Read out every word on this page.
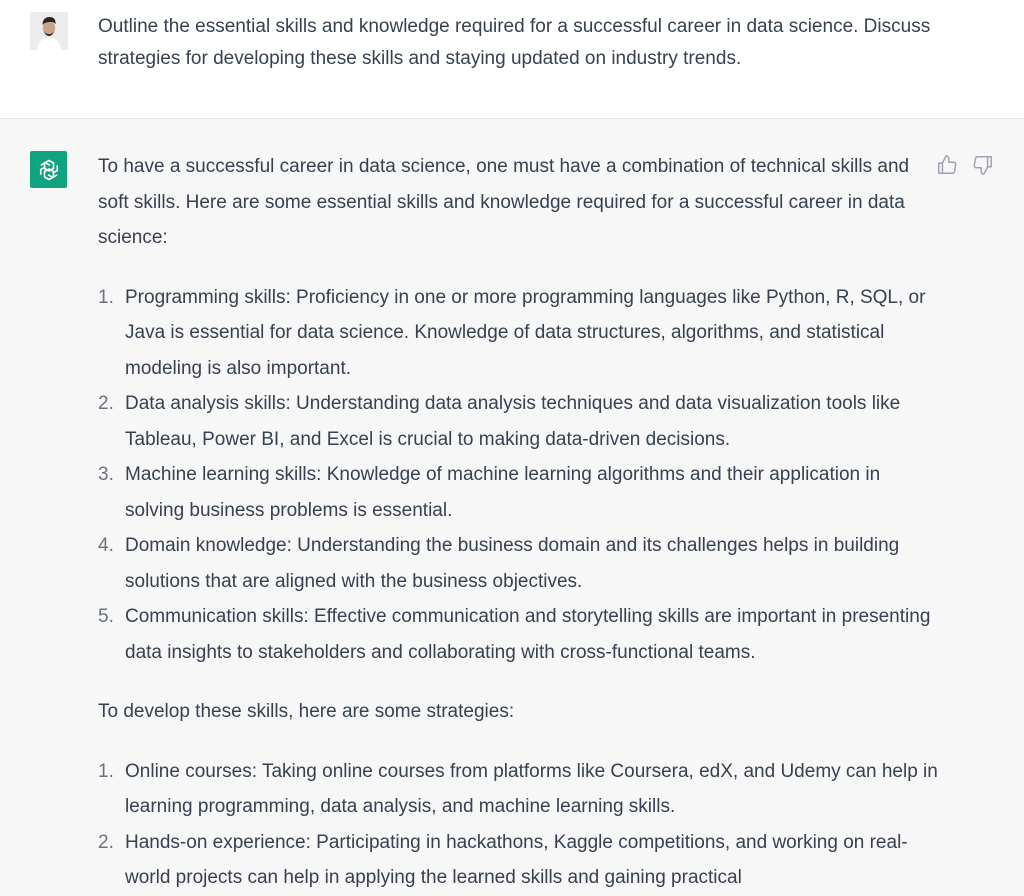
Outline the essential skills and knowledge required for a successful career in data science. Discuss strategies for developing these skills and staying updated on industry trends.

To have a successful career in data science, one must have a combination of technical skills and soft skills. Here are some essential skills and knowledge required for a successful career in data science:

1. Programming skills: Proficiency in one or more programming languages like Python, R, SQL, or Java is essential for data science. Knowledge of data structures, algorithms, and statistical modeling is also important.
2. Data analysis skills: Understanding data analysis techniques and data visualization tools like Tableau, Power BI, and Excel is crucial to making data-driven decisions.
3. Machine learning skills: Knowledge of machine learning algorithms and their application in solving business problems is essential.
4. Domain knowledge: Understanding the business domain and its challenges helps in building solutions that are aligned with the business objectives.
5. Communication skills: Effective communication and storytelling skills are important in presenting data insights to stakeholders and collaborating with cross-functional teams.

To develop these skills, here are some strategies:

1. Online courses: Taking online courses from platforms like Coursera, edX, and Udemy can help in learning programming, data analysis, and machine learning skills.
2. Hands-on experience: Participating in hackathons, Kaggle competitions, and working on real-world projects can help in applying the learned skills and gaining practical
